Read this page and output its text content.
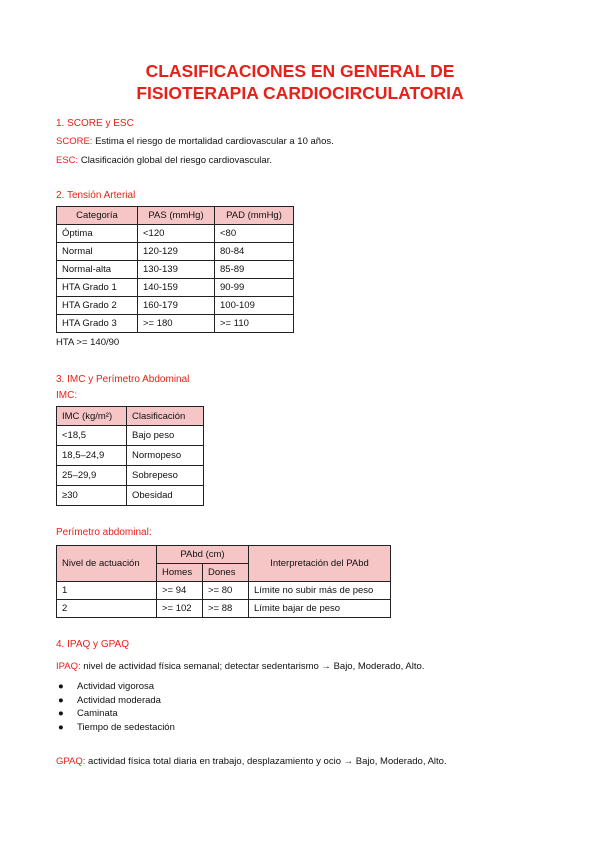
CLASIFICACIONES EN GENERAL DE
FISIOTERAPIA CARDIOCIRCULATORIA
1. SCORE y ESC
SCORE: Estima el riesgo de mortalidad cardiovascular a 10 años.
ESC: Clasificación global del riesgo cardiovascular.
2. Tensión Arterial
Categoría	PAS (mmHg)	PAD (mmHg)
Óptima	<120	<80
Normal	120-129	80-84
Normal-alta	130-139	85-89
HTA Grado 1	140-159	90-99
HTA Grado 2	160-179	100-109
HTA Grado 3	>= 180	>= 110
HTA >= 140/90
3. IMC y Perímetro Abdominal
IMC:
IMC (kg/m²)	Clasificación
<18,5	Bajo peso
18,5–24,9	Normopeso
25–29,9	Sobrepeso
≥30	Obesidad
Perímetro abdominal:
Nivel de actuación	PAbd (cm)		Interpretación del PAbd
	Homes	Dones	
1	>= 94	>= 80	Límite no subir más de peso
2	>= 102	>= 88	Límite bajar de peso
4. IPAQ y GPAQ
IPAQ: nivel de actividad física semanal; detectar sedentarismo → Bajo, Moderado, Alto.
● Actividad vigorosa
● Actividad moderada
● Caminata
● Tiempo de sedestación
GPAQ: actividad física total diaria en trabajo, desplazamiento y ocio → Bajo, Moderado, Alto.
